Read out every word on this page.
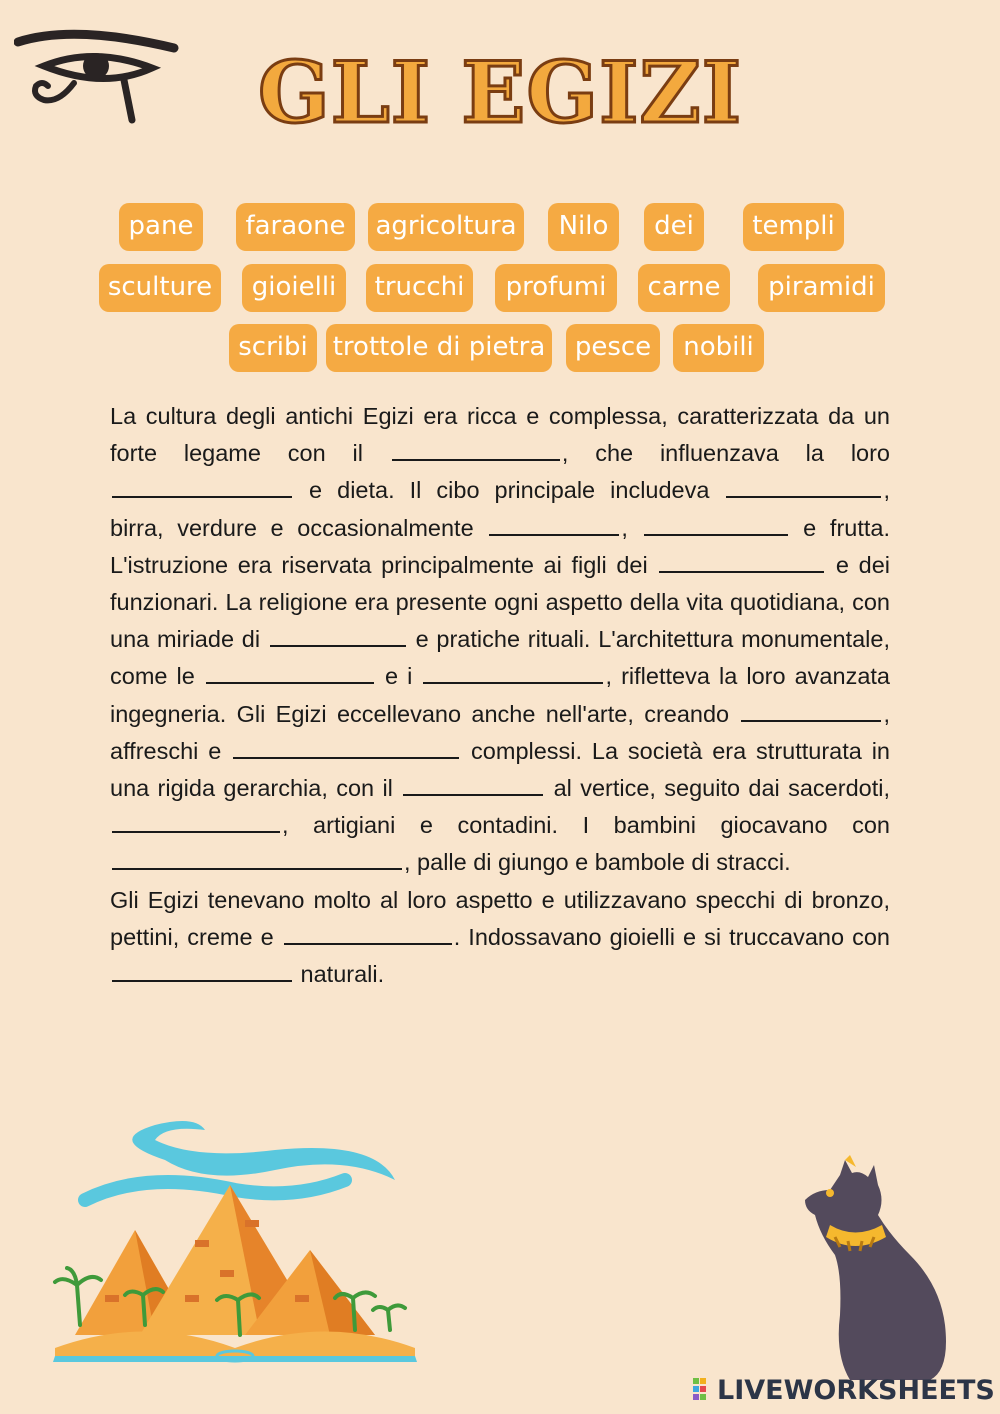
GLI EGIZI
pane	faraone	agricoltura	Nilo	dei	templi
sculture	gioielli	trucchi	profumi	carne	piramidi
scribi trottole di pietra	pesce	nobili

La cultura degli antichi Egizi era ricca e complessa, caratterizzata da un forte legame con il	, che influenzava la loro  e dieta. Il cibo principale includeva	, birra, verdure e occasionalmente	,	e frutta. L'istruzione era riservata principalmente ai figli dei	e dei funzionari. La religione era presente ogni aspetto della vita quotidiana, con una miriade di	e pratiche rituali. L'architettura monumentale, come le	e i	, rifletteva la loro avanzata ingegneria. Gli Egizi eccellevano anche nell'arte, creando	, affreschi e	complessi. La società era strutturata in una rigida gerarchia, con il	al vertice, seguito dai sacerdoti, , artigiani e contadini. I bambini giocavano con , palle di giungo e bambole di stracci.

Gli Egizi tenevano molto al loro aspetto e utilizzavano specchi di bronzo, pettini, creme e	. Indossavano gioielli e si truccavano con  naturali.

LIVEWORKSHEETS
